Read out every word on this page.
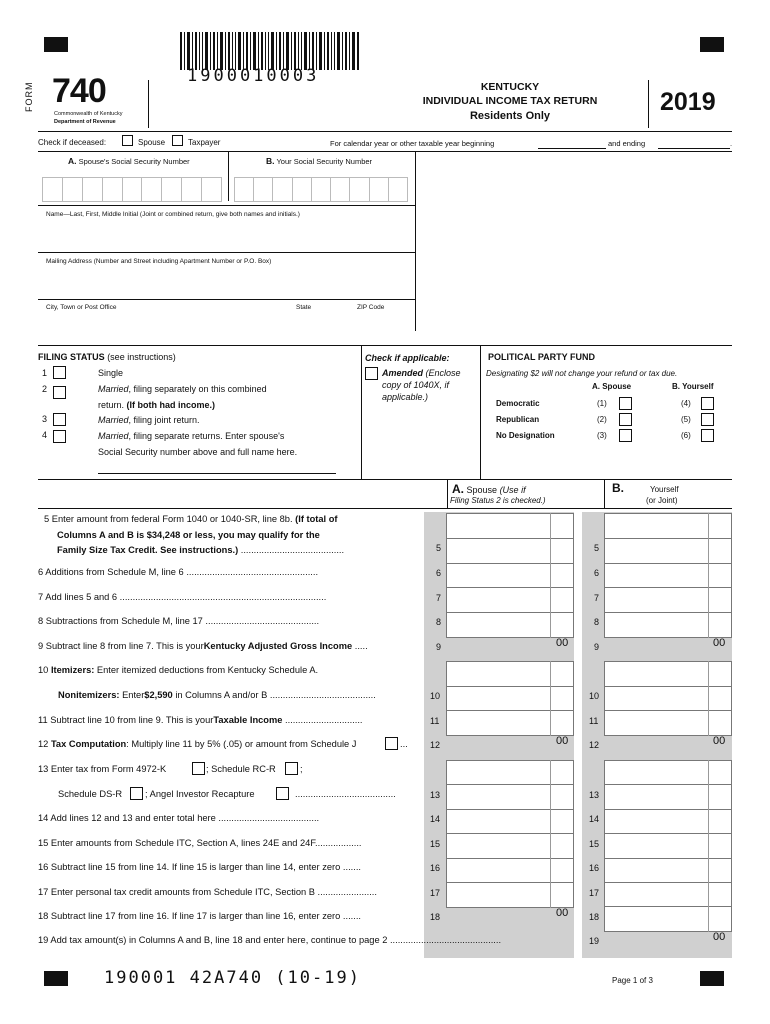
FORM 740
Commonwealth of Kentucky
Department of Revenue
1900010003
KENTUCKY
INDIVIDUAL INCOME TAX RETURN
Residents Only	2019
Check if deceased:	Spouse	Taxpayer	For calendar year or other taxable year beginning	and ending	.
A. Spouse's Social Security Number	B. Your Social Security Number
Name—Last, First, Middle Initial (Joint or combined return, give both names and initials.)
Mailing Address (Number and Street including Apartment Number or P.O. Box)
City, Town or Post Office	State	ZIP Code
FILING STATUS (see instructions)
1	Single
2	Married, filing separately on this combined
return. (If both had income.)
3	Married, filing joint return.
4	Married, filing separate returns. Enter spouse's
Social Security number above and full name here.
Check if applicable:
Amended (Enclose
copy of 1040X, if
applicable.)
POLITICAL PARTY FUND
Designating $2 will not change your refund or tax due.
A. Spouse	B. Yourself
Democratic	(1)	(4)
Republican	(2)	(5)
No Designation	(3)	(6)
A. Spouse (Use if
Filing Status 2 is checked.)
B.	Yourself
(or Joint)
5 Enter amount from federal Form 1040 or 1040-SR, line 8b. (If total of
Columns A and B is $34,248 or less, you may qualify for the
Family Size Tax Credit. See instructions.) ........................................	5	5
6 Additions from Schedule M, line 6 ...................................................	6	6
7 Add lines 5 and 6 ................................................................................	7	7
8 Subtractions from Schedule M, line 17 ............................................	8	8
9 Subtract line 8 from line 7. This is yourKentucky Adjusted Gross Income .....	9	00	9	00
Nonitemizers: Enter$2,590 in Columns A and/or B .........................................
10 Itemizers: Enter itemized deductions from Kentucky Schedule A.
10	10
11 Subtract line 10 from line 9. This is yourTaxable Income ..............................	11	11
12 Tax Computation: Multiply line 11 by 5% (.05) or amount from Schedule J	... 12	00 12	00
13 Enter tax from Form 4972-K	; Schedule RC-R	;
Schedule DS-R ; Angel Investor Recapture	.......................................	13	13
14 Add lines 12 and 13 and enter total here .......................................	14	14
15 Enter amounts from Schedule ITC, Section A, lines 24E and 24F..................	15	15
16 Subtract line 15 from line 14. If line 15 is larger than line 14, enter zero .......	16	16
17 Enter personal tax credit amounts from Schedule ITC, Section B .......................	17	17
18 Subtract line 17 from line 16. If line 17 is larger than line 16, enter zero .......	18	00 18
19 Add tax amount(s) in Columns A and B, line 18 and enter here, continue to page 2 ...........................................	19	00
190001 42A740 (10-19)	Page 1 of 3
